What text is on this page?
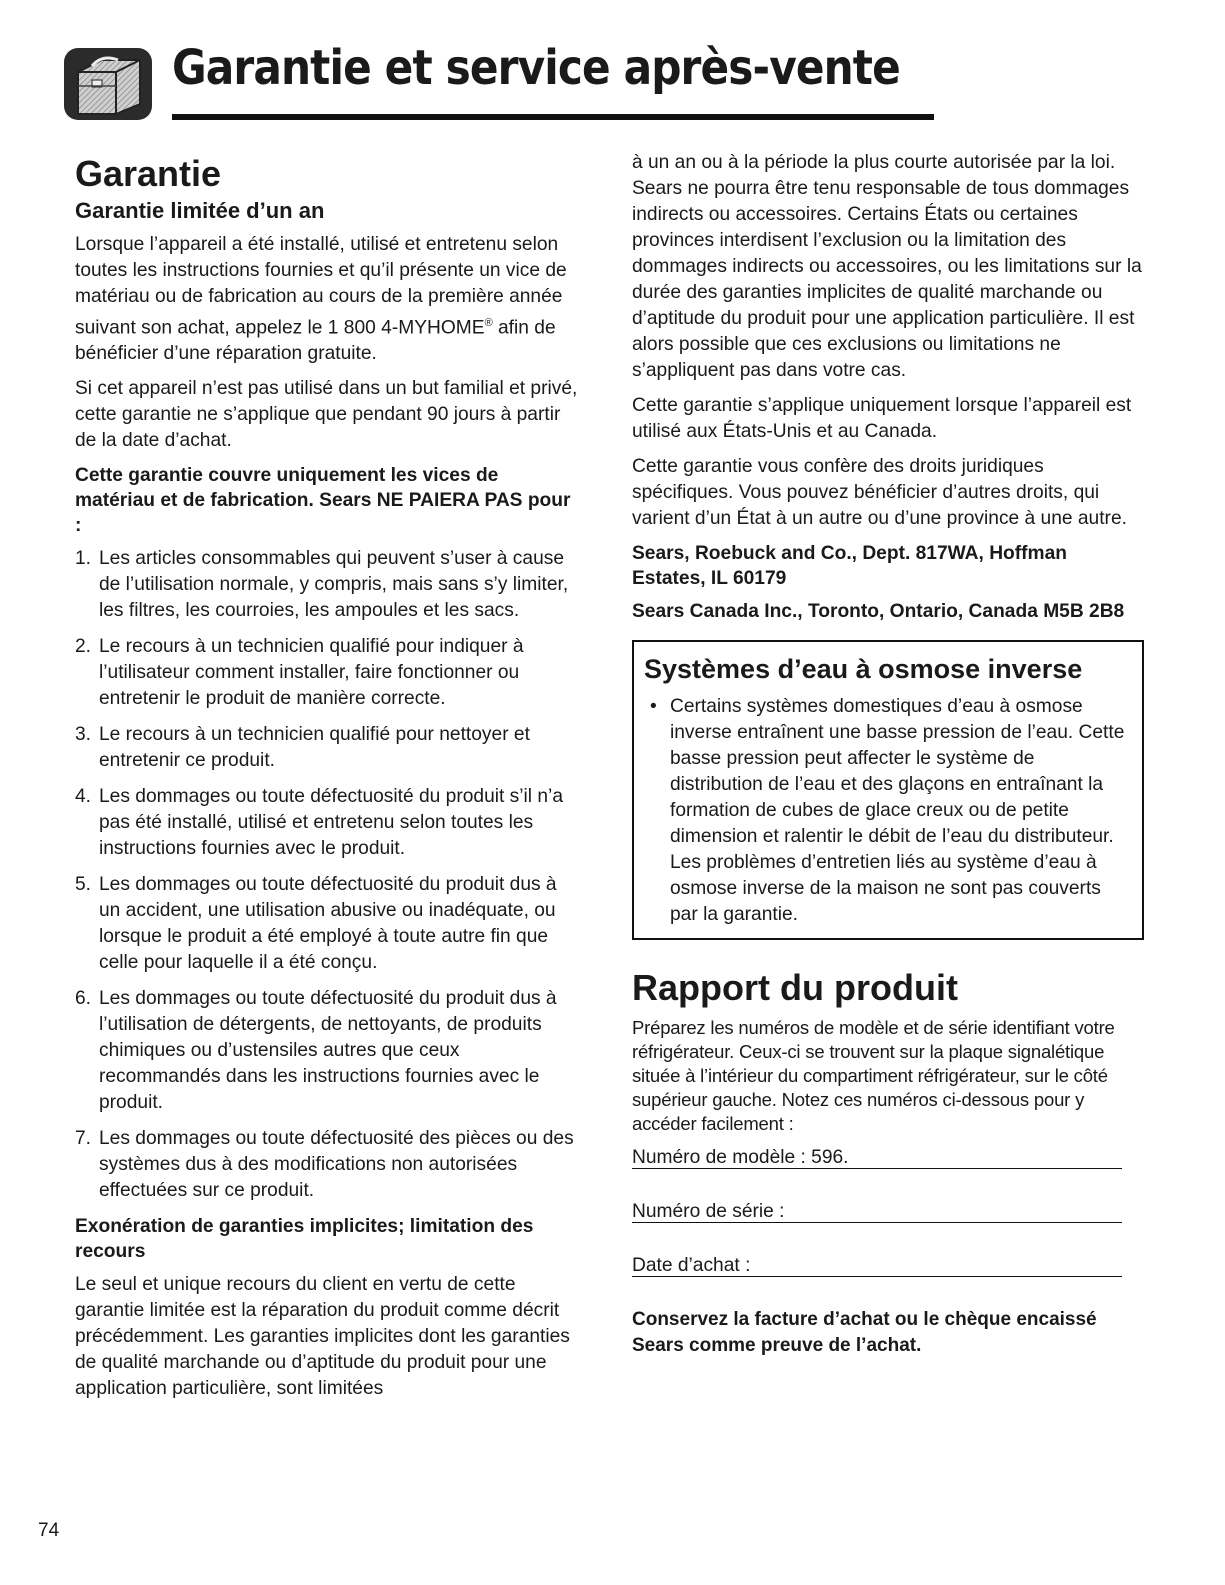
Garantie et service après-vente
Garantie
Garantie limitée d’un an

Lorsque l’appareil a été installé, utilisé et entretenu selon toutes les instructions fournies et qu’il présente un vice de matériau ou de fabrication au cours de la première année suivant son achat, appelez le 1 800 4-MYHOME® afin de bénéficier d’une réparation gratuite.

Si cet appareil n’est pas utilisé dans un but familial et privé, cette garantie ne s’applique que pendant 90 jours à partir de la date d’achat.

Cette garantie couvre uniquement les vices de matériau et de fabrication. Sears NE PAIERA PAS pour :

1. Les articles consommables qui peuvent s’user à cause de l’utilisation normale, y compris, mais sans s’y limiter, les filtres, les courroies, les ampoules et les sacs.
2. Le recours à un technicien qualifié pour indiquer à l’utilisateur comment installer, faire fonctionner ou entretenir le produit de manière correcte.
3. Le recours à un technicien qualifié pour nettoyer et entretenir ce produit.
4. Les dommages ou toute défectuosité du produit s’il n’a pas été installé, utilisé et entretenu selon toutes les instructions fournies avec le produit.
5. Les dommages ou toute défectuosité du produit dus à un accident, une utilisation abusive ou inadéquate, ou lorsque le produit a été employé à toute autre fin que celle pour laquelle il a été conçu.
6. Les dommages ou toute défectuosité du produit dus à l’utilisation de détergents, de nettoyants, de produits chimiques ou d’ustensiles autres que ceux recommandés dans les instructions fournies avec le produit.
7. Les dommages ou toute défectuosité des pièces ou des systèmes dus à des modifications non autorisées effectuées sur ce produit.

Exonération de garanties implicites; limitation des recours

Le seul et unique recours du client en vertu de cette garantie limitée est la réparation du produit comme décrit précédemment. Les garanties implicites dont les garanties de qualité marchande ou d’aptitude du produit pour une application particulière, sont limitées

à un an ou à la période la plus courte autorisée par la loi. Sears ne pourra être tenu responsable de tous dommages indirects ou accessoires. Certains États ou certaines provinces interdisent l’exclusion ou la limitation des dommages indirects ou accessoires, ou les limitations sur la durée des garanties implicites de qualité marchande ou d’aptitude du produit pour une application particulière. Il est alors possible que ces exclusions ou limitations ne s’appliquent pas dans votre cas.

Cette garantie s’applique uniquement lorsque l’appareil est utilisé aux États-Unis et au Canada.

Cette garantie vous confère des droits juridiques spécifiques. Vous pouvez bénéficier d’autres droits, qui varient d’un État à un autre ou d’une province à une autre.

Sears, Roebuck and Co., Dept. 817WA, Hoffman Estates, IL 60179

Sears Canada Inc., Toronto, Ontario, Canada M5B 2B8

Systèmes d’eau à osmose inverse
• Certains systèmes domestiques d’eau à osmose inverse entraînent une basse pression de l’eau. Cette basse pression peut affecter le système de distribution de l’eau et des glaçons en entraînant la formation de cubes de glace creux ou de petite dimension et ralentir le débit de l’eau du distributeur. Les problèmes d’entretien liés au système d’eau à osmose inverse de la maison ne sont pas couverts par la garantie.
Rapport du produit

Préparez les numéros de modèle et de série identifiant votre réfrigérateur. Ceux-ci se trouvent sur la plaque signalétique située à l’intérieur du compartiment réfrigérateur, sur le côté supérieur gauche. Notez ces numéros ci-dessous pour y accéder facilement :

Numéro de modèle : 596.
Numéro de série :
Date d’achat :

Conservez la facture d’achat ou le chèque encaissé Sears comme preuve de l’achat.

74
